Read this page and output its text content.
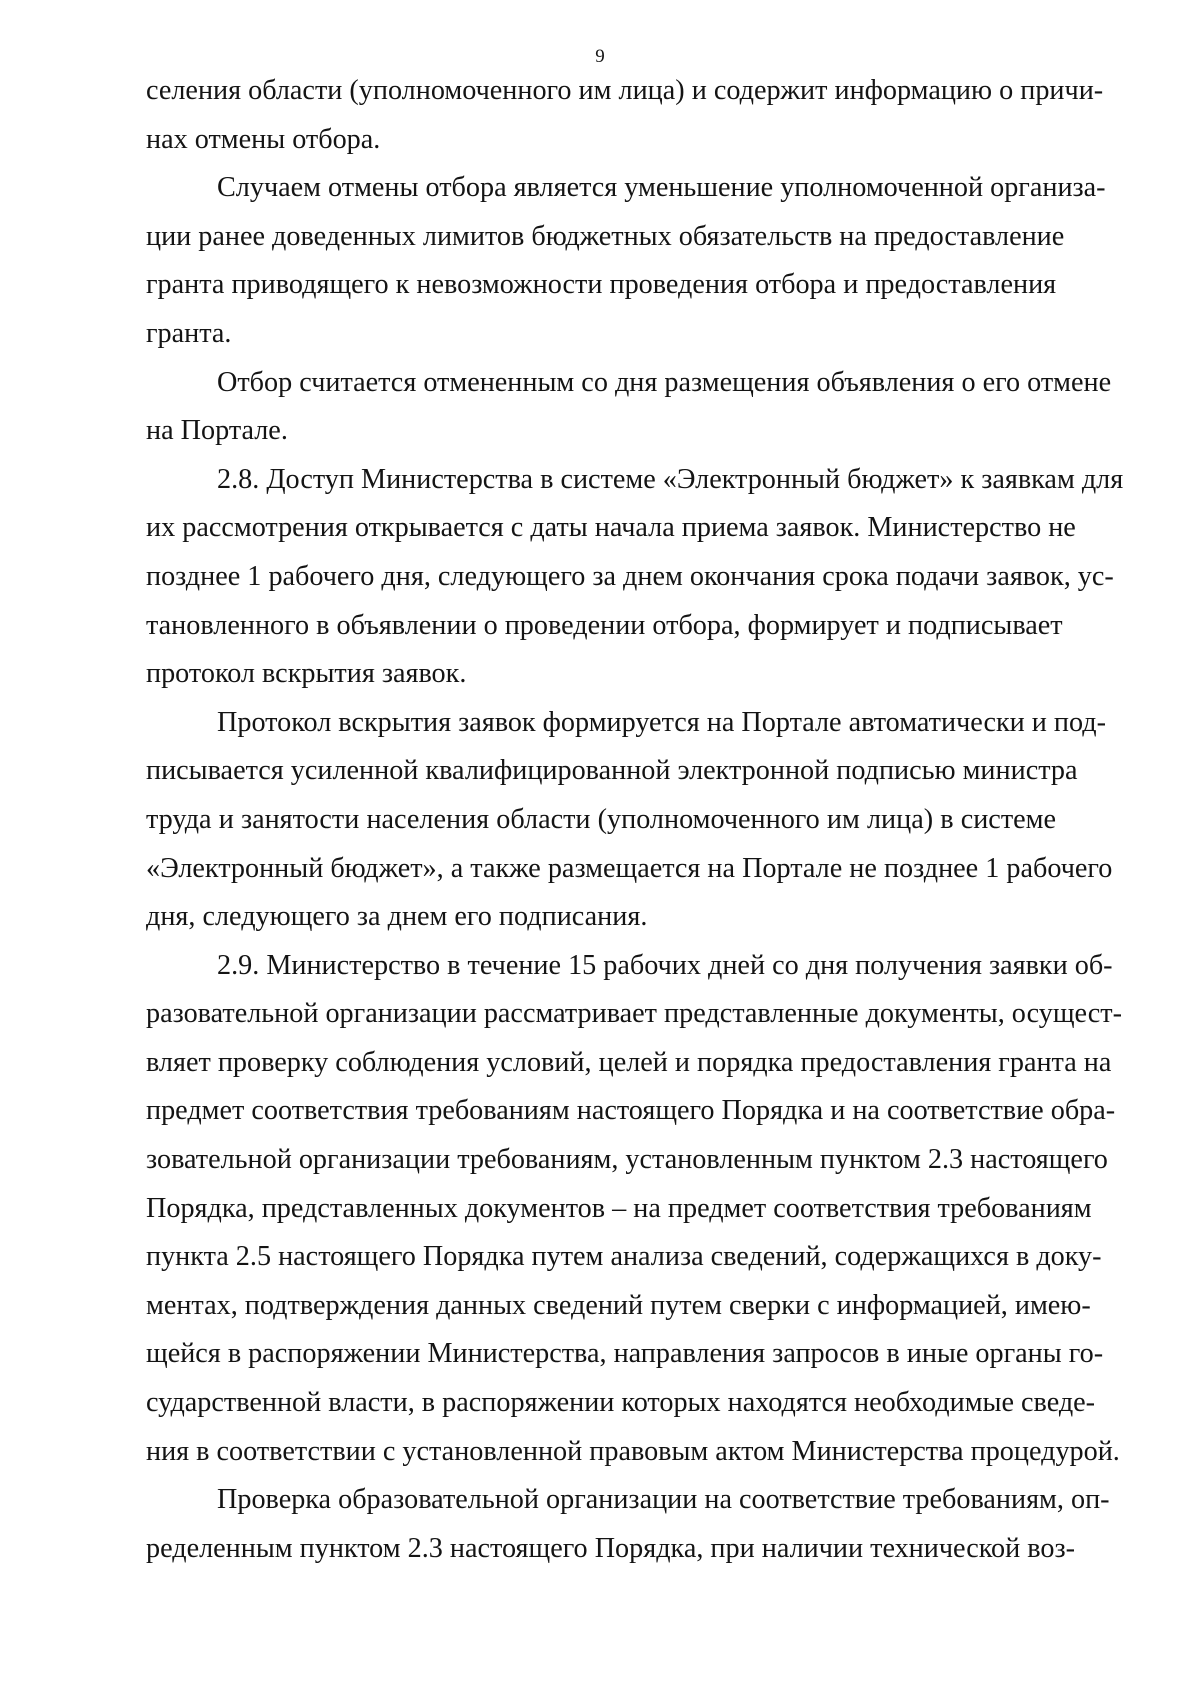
9
селения области (уполномоченного им лица) и содержит информацию о причи-
нах отмены отбора.
Случаем отмены отбора является уменьшение уполномоченной организа-
ции ранее доведенных лимитов бюджетных обязательств на предоставление
гранта приводящего к невозможности проведения отбора и предоставления
гранта.
Отбор считается отмененным со дня размещения объявления о его отмене
на Портале.
2.8. Доступ Министерства в системе «Электронный бюджет» к заявкам для
их рассмотрения открывается с даты начала приема заявок. Министерство не
позднее 1 рабочего дня, следующего за днем окончания срока подачи заявок, ус-
тановленного в объявлении о проведении отбора, формирует и подписывает
протокол вскрытия заявок.
Протокол вскрытия заявок формируется на Портале автоматически и под-
писывается усиленной квалифицированной электронной подписью министра
труда и занятости населения области (уполномоченного им лица) в системе
«Электронный бюджет», а также размещается на Портале не позднее 1 рабочего
дня, следующего за днем его подписания.
2.9. Министерство в течение 15 рабочих дней со дня получения заявки об-
разовательной организации рассматривает представленные документы, осущест-
вляет проверку соблюдения условий, целей и порядка предоставления гранта на
предмет соответствия требованиям настоящего Порядка и на соответствие обра-
зовательной организации требованиям, установленным пунктом 2.3 настоящего
Порядка, представленных документов – на предмет соответствия требованиям
пункта 2.5 настоящего Порядка путем анализа сведений, содержащихся в доку-
ментах, подтверждения данных сведений путем сверки с информацией, имею-
щейся в распоряжении Министерства, направления запросов в иные органы го-
сударственной власти, в распоряжении которых находятся необходимые сведе-
ния в соответствии с установленной правовым актом Министерства процедурой.
Проверка образовательной организации на соответствие требованиям, оп-
ределенным пунктом 2.3 настоящего Порядка, при наличии технической воз-
